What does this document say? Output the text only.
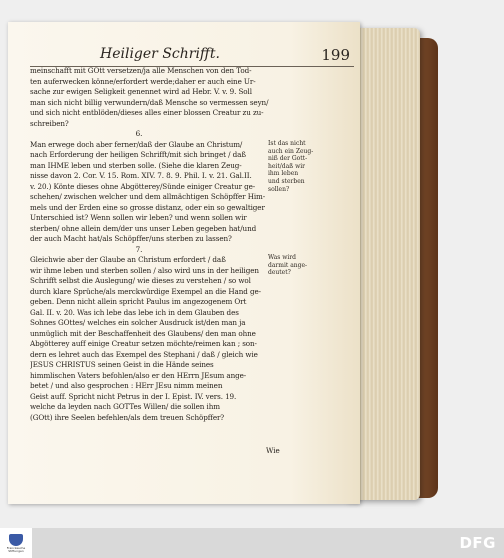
Heiliger Schrifft.	199
meinschafft mit GOtt versetzen/ja alle Menschen von den Tod-
ten auferwecken könne/erfordert werde;daher er auch eine Ur-
sache zur ewigen Seligkeit genennet wird ad Hebr. V. v. 9. Soll
man sich nicht billig verwundern/daß Mensche so vermessen seyn/
und sich nicht entblöden/dieses alles einer blossen Creatur zu zu-
schreiben?
6.
Man erwege doch aber ferner/daß der Glaube an Christum/
nach Erforderung der heiligen Schrifft/mit sich bringet / daß
man IHME leben und sterben solle. (Siehe die klaren Zeug-
nisse davon 2. Cor. V. 15. Rom. XIV. 7. 8. 9. Phil. I. v. 21. Gal.II.
v. 20.) Könte dieses ohne Abgötterey/Sünde einiger Creatur ge-
schehen/ zwischen welcher und dem allmächtigen Schöpffer Him-
mels und der Erden eine so grosse distanz, oder ein so gewaltiger
Unterschied ist? Wenn sollen wir leben? und wenn sollen wir
sterben/ ohne allein dem/der uns unser Leben gegeben hat/und
der auch Macht hat/als Schöpffer/uns sterben zu lassen?
7.
Gleichwie aber der Glaube an Christum erfordert / daß
wir ihme leben und sterben sollen / also wird uns in der heiligen
Schrifft selbst die Auslegung/ wie dieses zu verstehen / so wol
durch klare Sprüche/als merckwürdige Exempel an die Hand ge-
geben. Denn nicht allein spricht Paulus im angezogenem Ort
Gal. II. v. 20. Was ich lebe das lebe ich in dem Glauben des
Sohnes GOttes/ welches ein solcher Ausdruck ist/den man ja
unmüglich mit der Beschaffenheit des Glaubens/ den man ohne
Abgötterey auff einige Creatur setzen möchte/reimen kan ; son-
dern es lehret auch das Exempel des Stephani / daß / gleich wie
JESUS CHRISTUS seinen Geist in die Hände seines
himmlischen Vaters befohlen/also er den HErrn JEsum ange-
betet / und also gesprochen : HErr JEsu nimm meinen
Geist auff. Spricht nicht Petrus in der I. Epist. IV. vers. 19.
welche da leyden nach GOTTes Willen/ die sollen ihm
(GOtt) ihre Seelen befehlen/als dem treuen Schöpffer?
Ist das nicht
auch ein Zeug-
niß der Gott-
heit/daß wir
ihm leben
und sterben
sollen?
Was wird
darmit ange-
deutet?
Wie
Franckesche Stiftungen	DFG
